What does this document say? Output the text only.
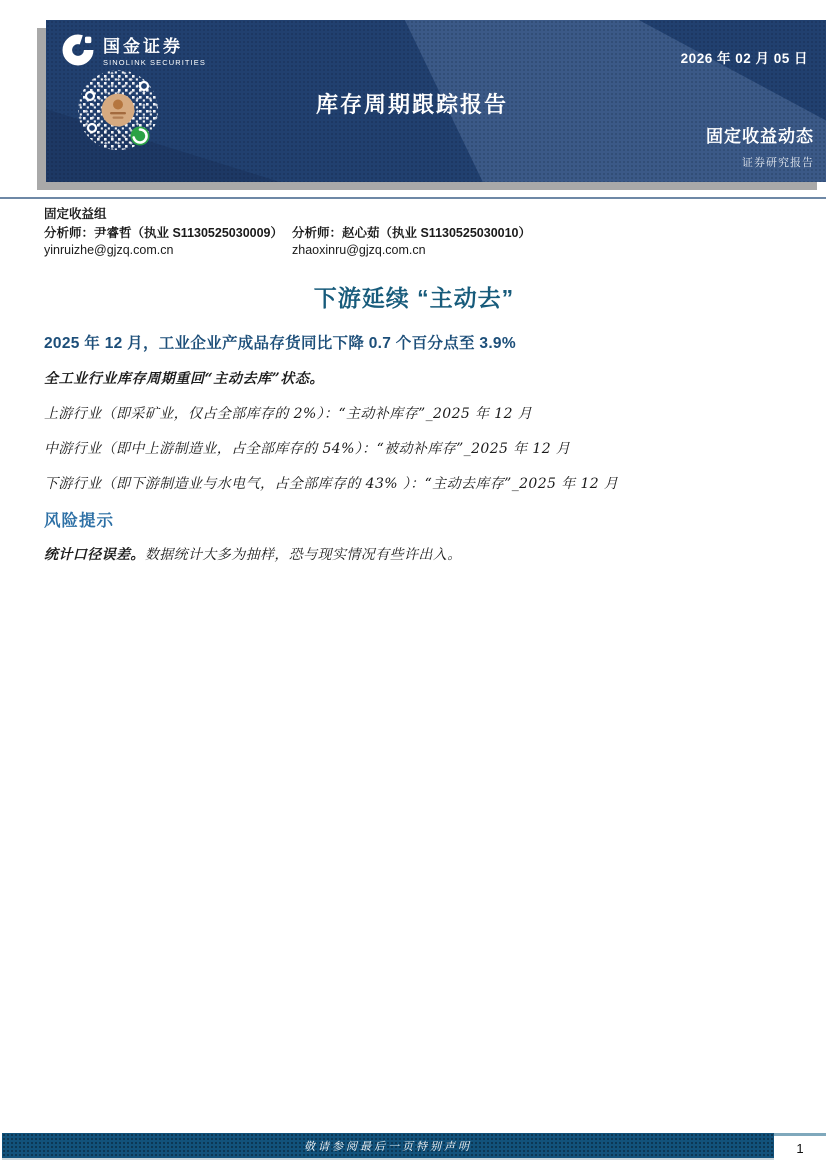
国金证券
SINOLINK SECURITIES	2026 年 02 月 05 日
库存周期跟踪报告
固定收益动态
证券研究报告
固定收益组
分析师：尹睿哲（执业 S1130525030009） 分析师：赵心茹（执业 S1130525030010）
yinruizhe@gjzq.com.cn	zhaoxinru@gjzq.com.cn
下游延续 “主动去”
2025 年 12 月，工业企业产成品存货同比下降 0.7 个百分点至 3.9%

全工业行业库存周期重回“主动去库”状态。

上游行业（即采矿业，仅占全部库存的 2%）：“主动补库存”_2025 年 12 月

中游行业（即中上游制造业，占全部库存的 54%）：“被动补库存”_2025 年 12 月

下游行业（即下游制造业与水电气，占全部库存的 43% ）：“主动去库存”_2025 年 12 月

风险提示

统计口径误差。数据统计大多为抽样，恐与现实情况有些许出入。

敬请参阅最后一页特别声明	1
